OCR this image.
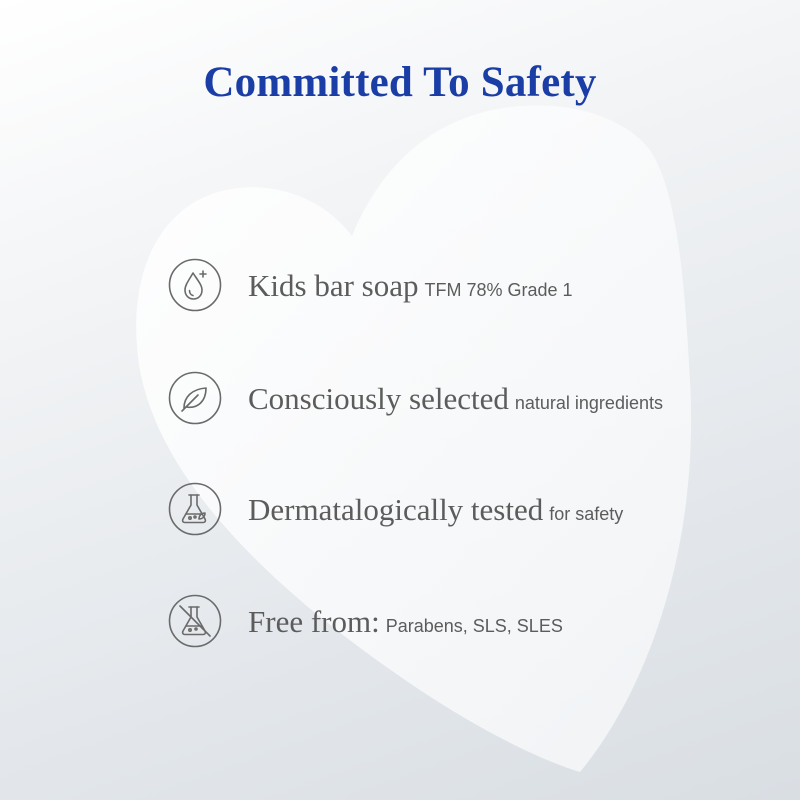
Committed To Safety
Kids bar soap TFM 78% Grade 1
Consciously selected natural ingredients
Dermatalogically tested for safety
Free from: Parabens, SLS, SLES
